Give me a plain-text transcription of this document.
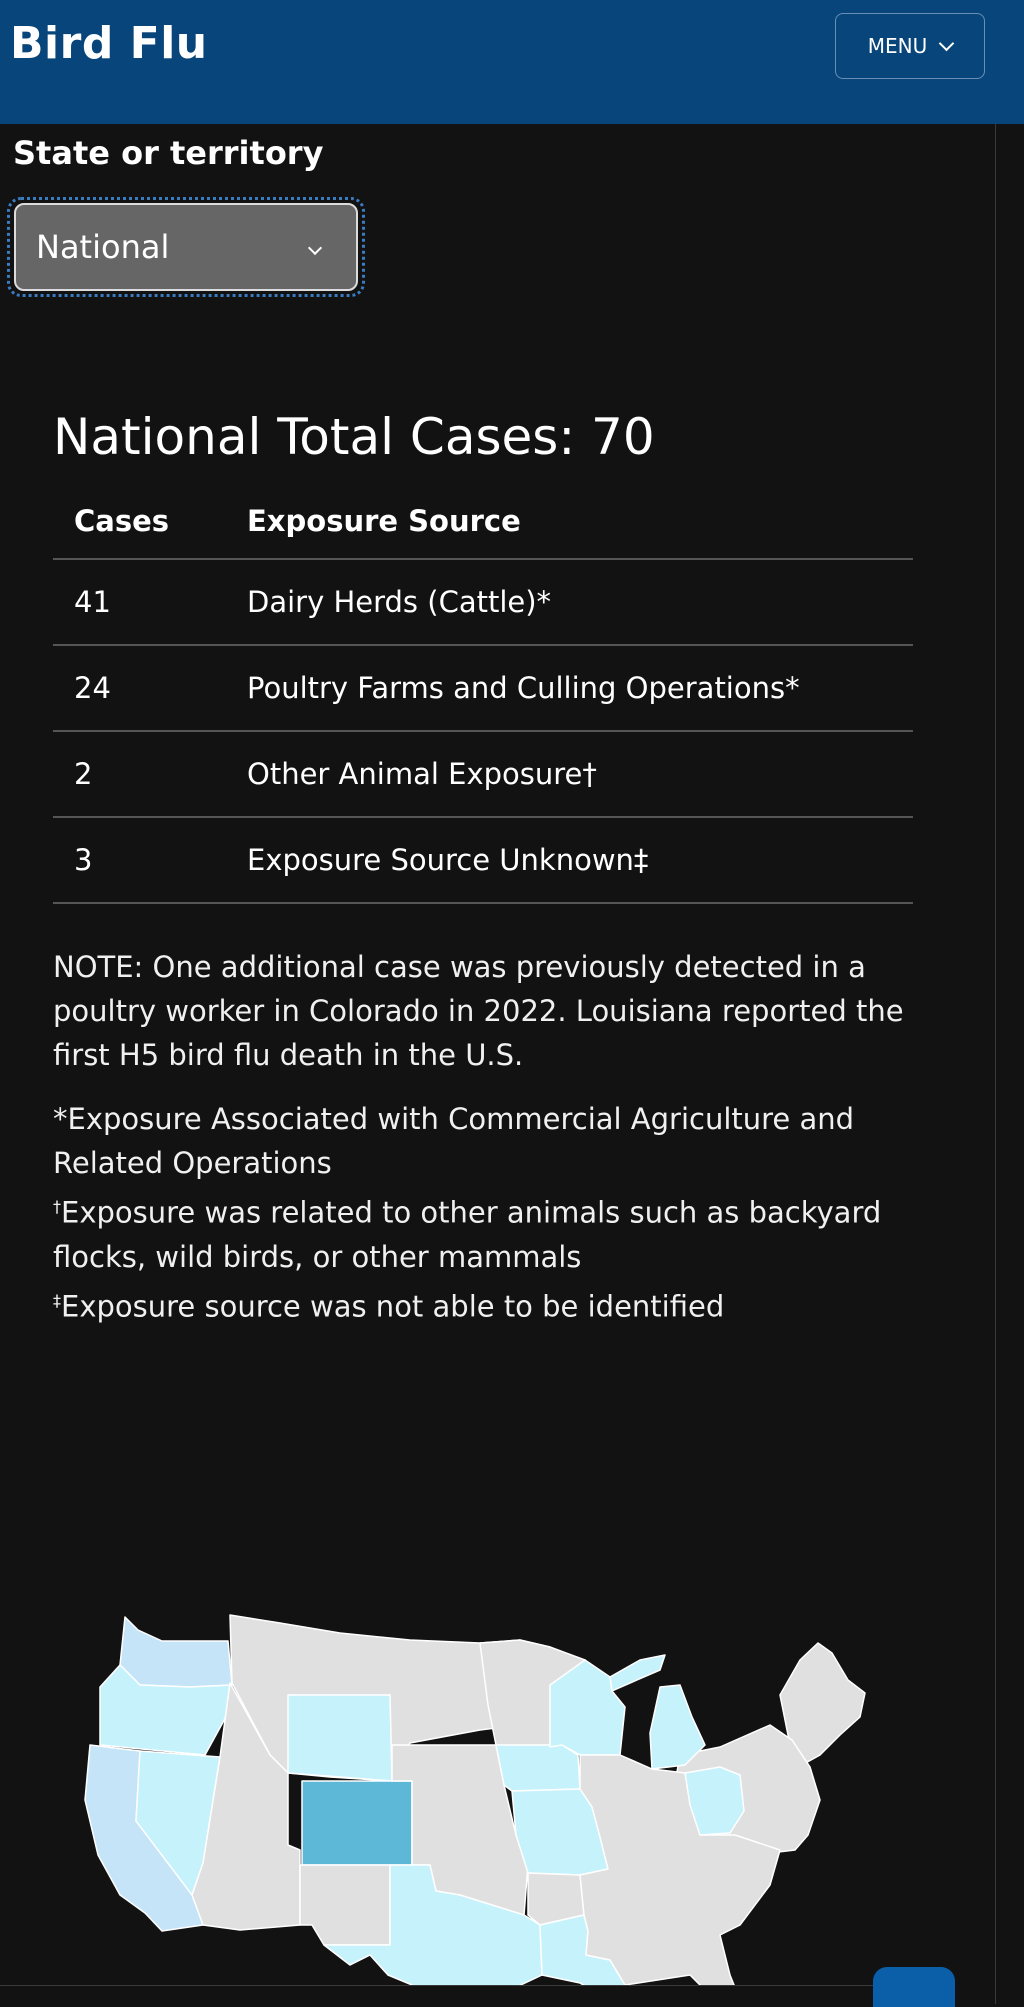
Bird Flu	MENU
State or territory
National
National Total Cases: 70
Cases	Exposure Source
41	Dairy Herds (Cattle)*
24	Poultry Farms and Culling Operations*
2	Other Animal Exposure†
3	Exposure Source Unknown‡
NOTE: One additional case was previously detected in a poultry worker in Colorado in 2022. Louisiana reported the first H5 bird flu death in the U.S.
*Exposure Associated with Commercial Agriculture and Related Operations
†Exposure was related to other animals such as backyard flocks, wild birds, or other mammals
‡Exposure source was not able to be identified
